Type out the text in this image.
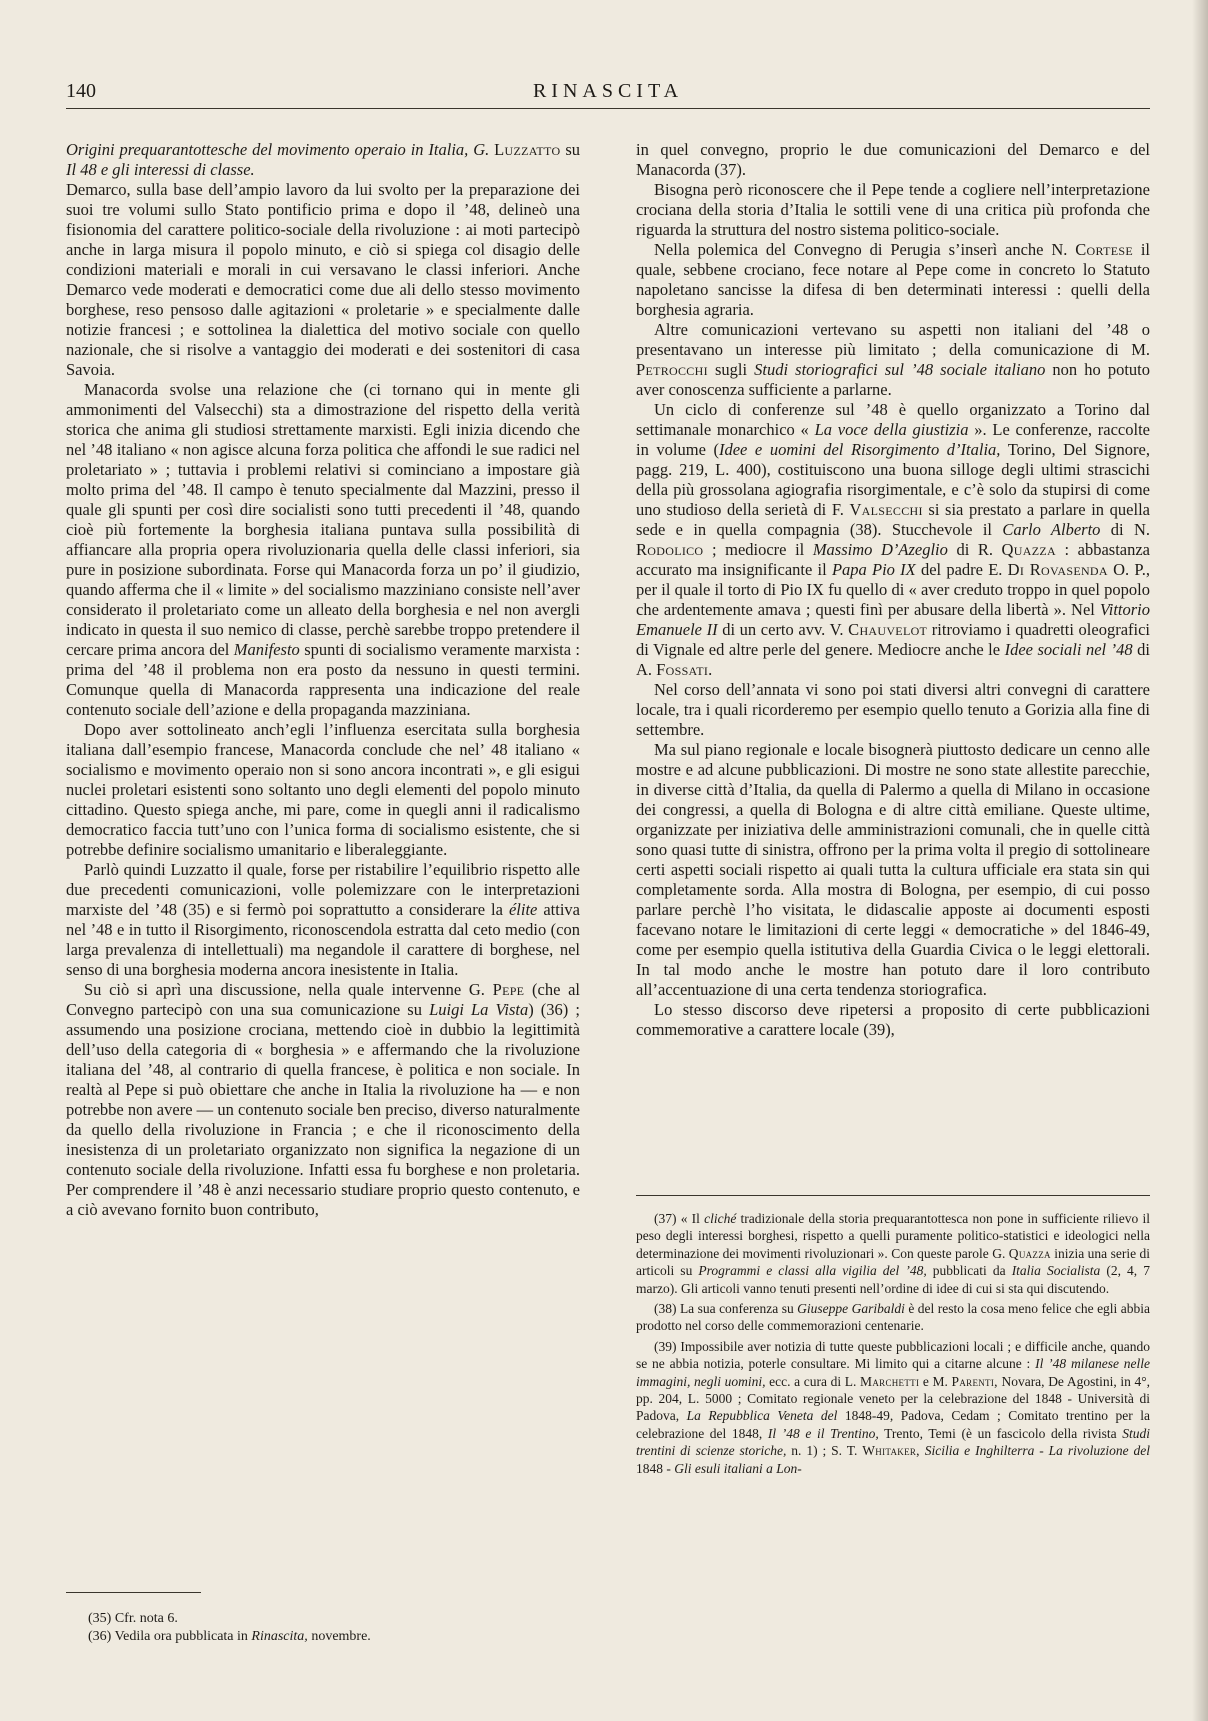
140	RINASCITA

Origini prequarantottesche del movimento operaio in Italia, G. Luzzatto su Il 48 e gli interessi di classe.

Demarco, sulla base dell’ampio lavoro da lui svolto per la preparazione dei suoi tre volumi sullo Stato pontificio prima e dopo il ’48, delineò una fisionomia del carattere politico-sociale della rivoluzione : ai moti partecipò anche in larga misura il popolo minuto, e ciò si spiega col disagio delle condizioni materiali e morali in cui versavano le classi inferiori. Anche Demarco vede moderati e democratici come due ali dello stesso movimento borghese, reso pensoso dalle agitazioni « proletarie » e specialmente dalle notizie francesi ; e sottolinea la dialettica del motivo sociale con quello nazionale, che si risolve a vantaggio dei moderati e dei sostenitori di casa Savoia.

Manacorda svolse una relazione che (ci tornano qui in mente gli ammonimenti del Valsecchi) sta a dimostrazione del rispetto della verità storica che anima gli studiosi strettamente marxisti. Egli inizia dicendo che nel ’48 italiano « non agisce alcuna forza politica che affondi le sue radici nel proletariato » ; tuttavia i problemi relativi si cominciano a impostare già molto prima del ’48. Il campo è tenuto specialmente dal Mazzini, presso il quale gli spunti per così dire socialisti sono tutti precedenti il ’48, quando cioè più fortemente la borghesia italiana puntava sulla possibilità di affiancare alla propria opera rivoluzionaria quella delle classi inferiori, sia pure in posizione subordinata. Forse qui Manacorda forza un po’ il giudizio, quando afferma che il « limite » del socialismo mazziniano consiste nell’aver considerato il proletariato come un alleato della borghesia e nel non avergli indicato in questa il suo nemico di classe, perchè sarebbe troppo pretendere il cercare prima ancora del Manifesto spunti di socialismo veramente marxista : prima del ’48 il problema non era posto da nessuno in questi termini. Comunque quella di Manacorda rappresenta una indicazione del reale contenuto sociale dell’azione e della propaganda mazziniana.

Dopo aver sottolineato anch’egli l’influenza esercitata sulla borghesia italiana dall’esempio francese, Manacorda conclude che nel’ 48 italiano « socialismo e movimento operaio non si sono ancora incontrati », e gli esigui nuclei proletari esistenti sono soltanto uno degli elementi del popolo minuto cittadino. Questo spiega anche, mi pare, come in quegli anni il radicalismo democratico faccia tutt’uno con l’unica forma di socialismo esistente, che si potrebbe definire socialismo umanitario e liberaleggiante.

Parlò quindi Luzzatto il quale, forse per ristabilire l’equilibrio rispetto alle due precedenti comunicazioni, volle polemizzare con le interpretazioni marxiste del ’48 (35) e si fermò poi soprattutto a considerare la élite attiva nel ’48 e in tutto il Risorgimento, riconoscendola estratta dal ceto medio (con larga prevalenza di intellettuali) ma negandole il carattere di borghese, nel senso di una borghesia moderna ancora inesistente in Italia.

Su ciò si aprì una discussione, nella quale intervenne G. Pepe (che al Convegno partecipò con una sua comunicazione su Luigi La Vista) (36) ; assumendo una posizione crociana, mettendo cioè in dubbio la legittimità dell’uso della categoria di « borghesia » e affermando che la rivoluzione italiana del ’48, al contrario di quella francese, è politica e non sociale. In realtà al Pepe si può obiettare che anche in Italia la rivoluzione ha — e non potrebbe non avere — un contenuto sociale ben preciso, diverso naturalmente da quello della rivoluzione in Francia ; e che il riconoscimento della inesistenza di un proletariato organizzato non significa la negazione di un contenuto sociale della rivoluzione. Infatti essa fu borghese e non proletaria. Per comprendere il ’48 è anzi necessario studiare proprio questo contenuto, e a ciò avevano fornito buon contributo,

(35) Cfr. nota 6.
(36) Vedila ora pubblicata in Rinascita, novembre.

in quel convegno, proprio le due comunicazioni del Demarco e del Manacorda (37).

Bisogna però riconoscere che il Pepe tende a cogliere nell’interpretazione crociana della storia d’Italia le sottili vene di una critica più profonda che riguarda la struttura del nostro sistema politico-sociale.

Nella polemica del Convegno di Perugia s’inserì anche N. Cortese il quale, sebbene crociano, fece notare al Pepe come in concreto lo Statuto napoletano sancisse la difesa di ben determinati interessi : quelli della borghesia agraria.

Altre comunicazioni vertevano su aspetti non italiani del ’48 o presentavano un interesse più limitato ; della comunicazione di M. Petrocchi sugli Studi storiografici sul ’48 sociale italiano non ho potuto aver conoscenza sufficiente a parlarne.

Un ciclo di conferenze sul ’48 è quello organizzato a Torino dal settimanale monarchico « La voce della giustizia ». Le conferenze, raccolte in volume (Idee e uomini del Risorgimento d’Italia, Torino, Del Signore, pagg. 219, L. 400), costituiscono una buona silloge degli ultimi strascichi della più grossolana agiografia risorgimentale, e c’è solo da stupirsi di come uno studioso della serietà di F. Valsecchi si sia prestato a parlare in quella sede e in quella compagnia (38). Stucchevole il Carlo Alberto di N. Rodolico ; mediocre il Massimo D’Azeglio di R. Quazza : abbastanza accurato ma insignificante il Papa Pio IX del padre E. Di Rovasenda O. P., per il quale il torto di Pio IX fu quello di « aver creduto troppo in quel popolo che ardentemente amava ; questi finì per abusare della libertà ». Nel Vittorio Emanuele II di un certo avv. V. Chauvelot ritroviamo i quadretti oleografici di Vignale ed altre perle del genere. Mediocre anche le Idee sociali nel ’48 di A. Fossati.

Nel corso dell’annata vi sono poi stati diversi altri convegni di carattere locale, tra i quali ricorderemo per esempio quello tenuto a Gorizia alla fine di settembre.

Ma sul piano regionale e locale bisognerà piuttosto dedicare un cenno alle mostre e ad alcune pubblicazioni. Di mostre ne sono state allestite parecchie, in diverse città d’Italia, da quella di Palermo a quella di Milano in occasione dei congressi, a quella di Bologna e di altre città emiliane. Queste ultime, organizzate per iniziativa delle amministrazioni comunali, che in quelle città sono quasi tutte di sinistra, offrono per la prima volta il pregio di sottolineare certi aspetti sociali rispetto ai quali tutta la cultura ufficiale era stata sin qui completamente sorda. Alla mostra di Bologna, per esempio, di cui posso parlare perchè l’ho visitata, le didascalie apposte ai documenti esposti facevano notare le limitazioni di certe leggi « democratiche » del 1846-49, come per esempio quella istitutiva della Guardia Civica o le leggi elettorali. In tal modo anche le mostre han potuto dare il loro contributo all’accentuazione di una certa tendenza storiografica.

Lo stesso discorso deve ripetersi a proposito di certe pubblicazioni commemorative a carattere locale (39),

(37) « Il cliché tradizionale della storia prequarantottesca non pone in sufficiente rilievo il peso degli interessi borghesi, rispetto a quelli puramente politico-statistici e ideologici nella determinazione dei movimenti rivoluzionari ». Con queste parole G. Quazza inizia una serie di articoli su Programmi e classi alla vigilia del ’48, pubblicati da Italia Socialista (2, 4, 7 marzo). Gli articoli vanno tenuti presenti nell’ordine di idee di cui si sta qui discutendo.

(38) La sua conferenza su Giuseppe Garibaldi è del resto la cosa meno felice che egli abbia prodotto nel corso delle commemorazioni centenarie.

(39) Impossibile aver notizia di tutte queste pubblicazioni locali ; e difficile anche, quando se ne abbia notizia, poterle consultare. Mi limito qui a citarne alcune : Il ’48 milanese nelle immagini, negli uomini, ecc. a cura di L. Marchetti e M. Parenti, Novara, De Agostini, in 4°, pp. 204, L. 5000 ; Comitato regionale veneto per la celebrazione del 1848 - Università di Padova, La Repubblica Veneta del 1848-49, Padova, Cedam ; Comitato trentino per la celebrazione del 1848, Il ’48 e il Trentino, Trento, Temi (è un fascicolo della rivista Studi trentini di scienze storiche, n. 1) ; S. T. Whitaker, Sicilia e Inghilterra - La rivoluzione del 1848 - Gli esuli italiani a Lon-
